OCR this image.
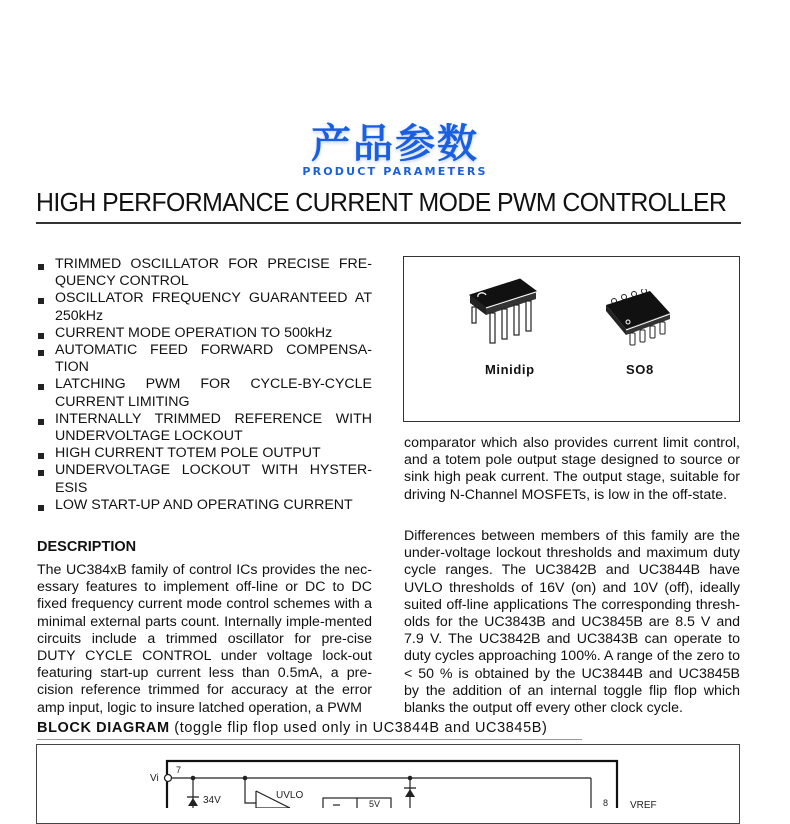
产品参数
PRODUCT PARAMETERS
HIGH PERFORMANCE CURRENT MODE PWM CONTROLLER
TRIMMED OSCILLATOR FOR PRECISE FRE-QUENCY CONTROL
OSCILLATOR FREQUENCY GUARANTEED AT 250kHz
CURRENT MODE OPERATION TO 500kHz
AUTOMATIC FEED FORWARD COMPENSA-TION
LATCHING PWM FOR CYCLE-BY-CYCLE CURRENT LIMITING
INTERNALLY TRIMMED REFERENCE WITH UNDERVOLTAGE LOCKOUT
HIGH CURRENT TOTEM POLE OUTPUT
UNDERVOLTAGE LOCKOUT WITH HYSTER-ESIS
LOW START-UP AND OPERATING CURRENT
Minidip	SO8
comparator which also provides current limit control, and a totem pole output stage designed to source or sink high peak current. The output stage, suitable for driving N-Channel MOSFETs, is low in the off-state.
Differences between members of this family are the under-voltage lockout thresholds and maximum duty cycle ranges. The UC3842B and UC3844B have UVLO thresholds of 16V (on) and 10V (off), ideally suited off-line applications The corresponding thresh-olds for the UC3843B and UC3845B are 8.5 V and 7.9 V. The UC3842B and UC3843B can operate to duty cycles approaching 100%. A range of the zero to < 50 % is obtained by the UC3844B and UC3845B by the addition of an internal toggle flip flop which blanks the output off every other clock cycle.
DESCRIPTION
The UC384xB family of control ICs provides the nec-essary features to implement off-line or DC to DC fixed frequency current mode control schemes with a minimal external parts count. Internally imple-mented circuits include a trimmed oscillator for pre-cise DUTY CYCLE CONTROL under voltage lock-out featuring start-up current less than 0.5mA, a pre-cision reference trimmed for accuracy at the error amp input, logic to insure latched operation, a PWM
BLOCK DIAGRAM (toggle flip flop used only in UC3844B and UC3845B)
Vi
7
34V	UVLO
5V	8 VREF
